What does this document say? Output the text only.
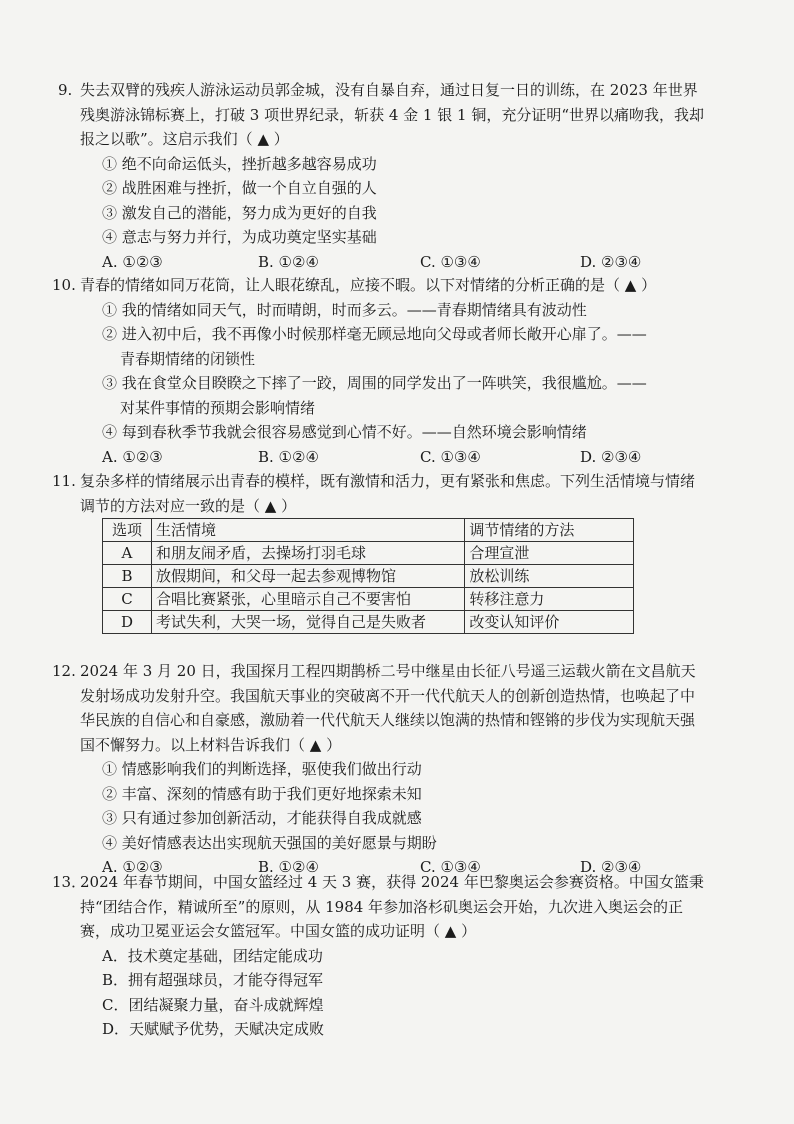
9. 失去双臂的残疾人游泳运动员郭金城，没有自暴自弃，通过日复一日的训练，在 2023 年世界残奥游泳锦标赛上，打破 3 项世界纪录，斩获 4 金 1 银 1 铜，充分证明“世界以痛吻我，我却报之以歌”。这启示我们（ ▲ ）

① 绝不向命运低头，挫折越多越容易成功

② 战胜困难与挫折，做一个自立自强的人

③ 激发自己的潜能，努力成为更好的自我

④ 意志与努力并行，为成功奠定坚实基础

A. ①②③	B. ①②④	C. ①③④	D. ②③④
10. 青春的情绪如同万花筒，让人眼花缭乱，应接不暇。以下对情绪的分析正确的是（ ▲ ）

① 我的情绪如同天气，时而晴朗，时而多云。——青春期情绪具有波动性

② 进入初中后，我不再像小时候那样毫无顾忌地向父母或者师长敞开心扉了。——
青春期情绪的闭锁性

③ 我在食堂众目睽睽之下摔了一跤，周围的同学发出了一阵哄笑，我很尴尬。——
对某件事情的预期会影响情绪

④ 每到春秋季节我就会很容易感觉到心情不好。——自然环境会影响情绪

A. ①②③	B. ①②④	C. ①③④	D. ②③④
11. 复杂多样的情绪展示出青春的模样，既有激情和活力，更有紧张和焦虑。下列生活情境与情绪调节的方法对应一致的是（ ▲ ）

选项	生活情境	调节情绪的方法
A	和朋友闹矛盾，去操场打羽毛球	合理宣泄
B	放假期间，和父母一起去参观博物馆	放松训练
C	合唱比赛紧张，心里暗示自己不要害怕	转移注意力
D	考试失利，大哭一场，觉得自己是失败者	改变认知评价
12. 2024 年 3 月 20 日，我国探月工程四期鹊桥二号中继星由长征八号遥三运载火箭在文昌航天发射场成功发射升空。我国航天事业的突破离不开一代代航天人的创新创造热情，也唤起了中华民族的自信心和自豪感，激励着一代代航天人继续以饱满的热情和铿锵的步伐为实现航天强国不懈努力。以上材料告诉我们（ ▲ ）

① 情感影响我们的判断选择，驱使我们做出行动

② 丰富、深刻的情感有助于我们更好地探索未知

③ 只有通过参加创新活动，才能获得自我成就感

④ 美好情感表达出实现航天强国的美好愿景与期盼

A. ①②③	B. ①②④	C. ①③④	D. ②③④
13．

2024 年春节期间，中国女篮经过 4 天 3 赛，获得 2024 年巴黎奥运会参赛资格。中国女篮秉持“团结合作，精诚所至”的原则，从 1984 年参加洛杉矶奥运会开始，九次进入奥运会的正赛，成功卫冕亚运会女篮冠军。中国女篮的成功证明（ ▲ ）

A．技术奠定基础，团结定能成功

B．拥有超强球员，才能夺得冠军

C．团结凝聚力量，奋斗成就辉煌

D．天赋赋予优势，天赋决定成败
